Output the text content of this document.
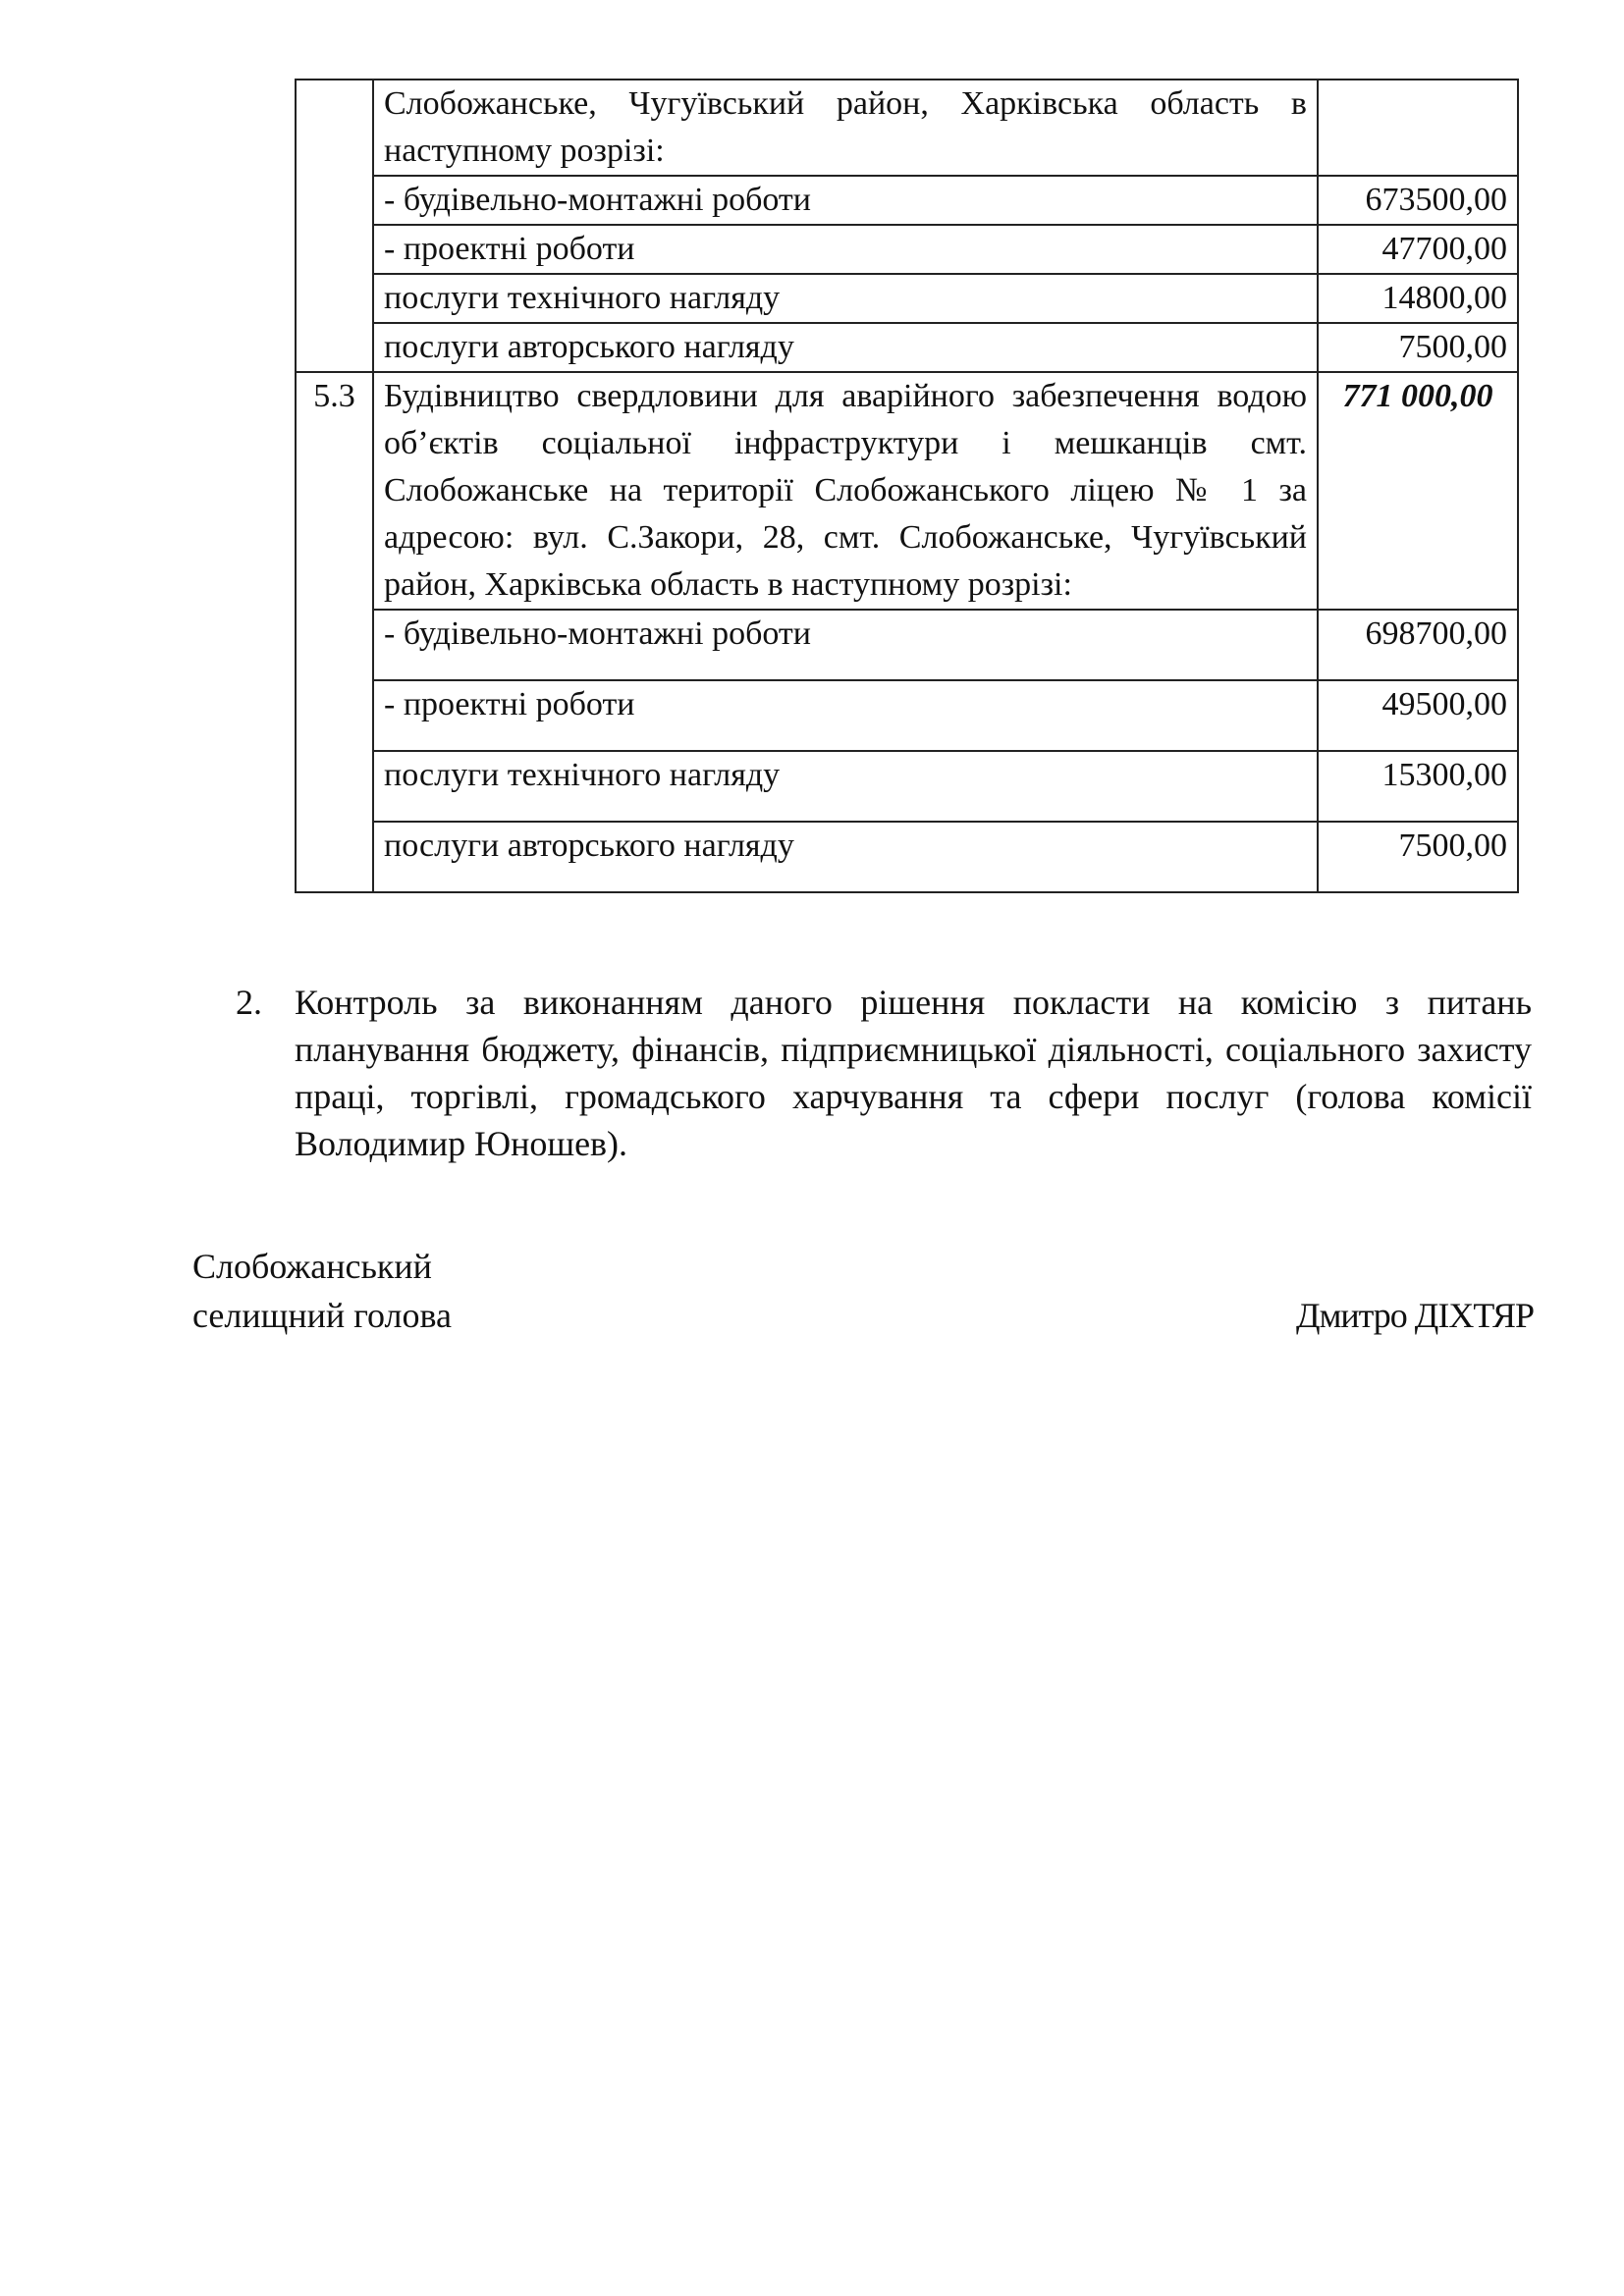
	Слобожанське, Чугуївський район, Харківська область в наступному розрізі:	

	- будівельно-монтажні роботи	673500,00
	- проектні роботи	47700,00
	послуги технічного нагляду	14800,00
	послуги авторського нагляду	7500,00
5.3	Будівництво свердловини для аварійного забезпечення водою об’єктів соціальної інфраструктури і мешканців смт. Слобожанське на території Слобожанського ліцею № 1 за адресою: вул. С.Закори, 28, смт. Слобожанське, Чугуївський район, Харківська область в наступному розрізі:	771 000,00
	- будівельно-монтажні роботи	698700,00
	- проектні роботи	49500,00
	послуги технічного нагляду	15300,00
	послуги авторського нагляду	7500,00
2. Контроль за виконанням даного рішення покласти на комісію з питань планування бюджету, фінансів, підприємницької діяльності, соціального захисту праці, торгівлі, громадського харчування та сфери послуг (голова комісії Володимир Юношев).
Слобожанський
селищний голова	Дмитро ДІХТЯР
